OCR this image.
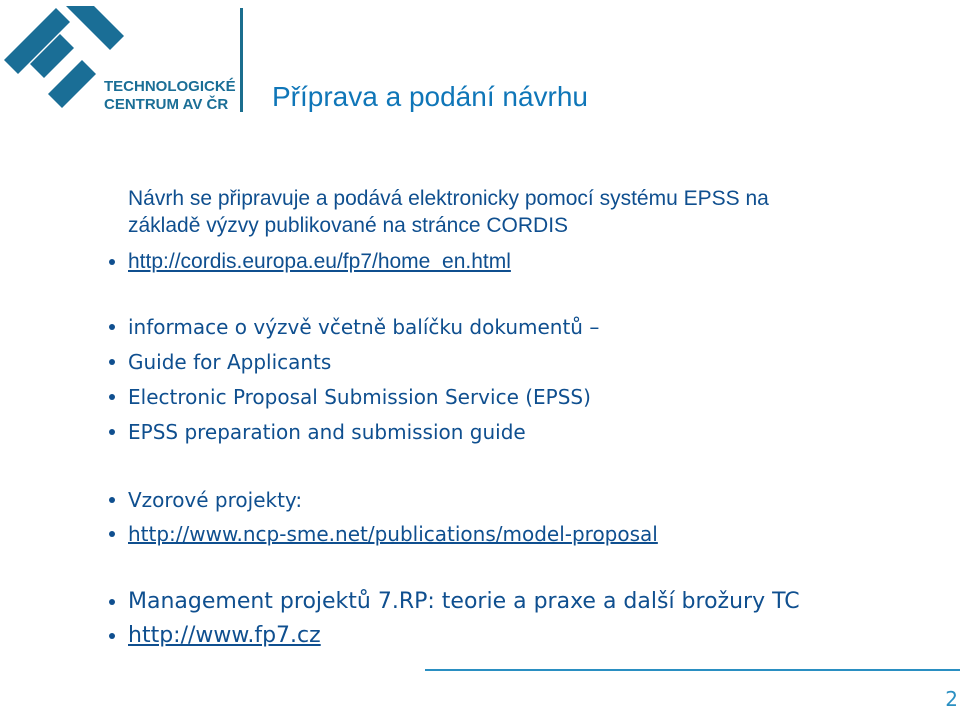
TECHNOLOGICKÉ
CENTRUM AV ČR Příprava a podání návrhu
Návrh se připravuje a podává elektronicky pomocí systému EPSS na
základě výzvy publikované na stránce CORDIS
http://cordis.europa.eu/fp7/home_en.html
informace o výzvě včetně balíčku dokumentů –
Guide for Applicants
Electronic Proposal Submission Service (EPSS)
EPSS preparation and submission guide
Vzorové projekty:
http://www.ncp-sme.net/publications/model-proposal
Management projektů 7.RP: teorie a praxe a další brožury TC
http://www.fp7.cz
2
